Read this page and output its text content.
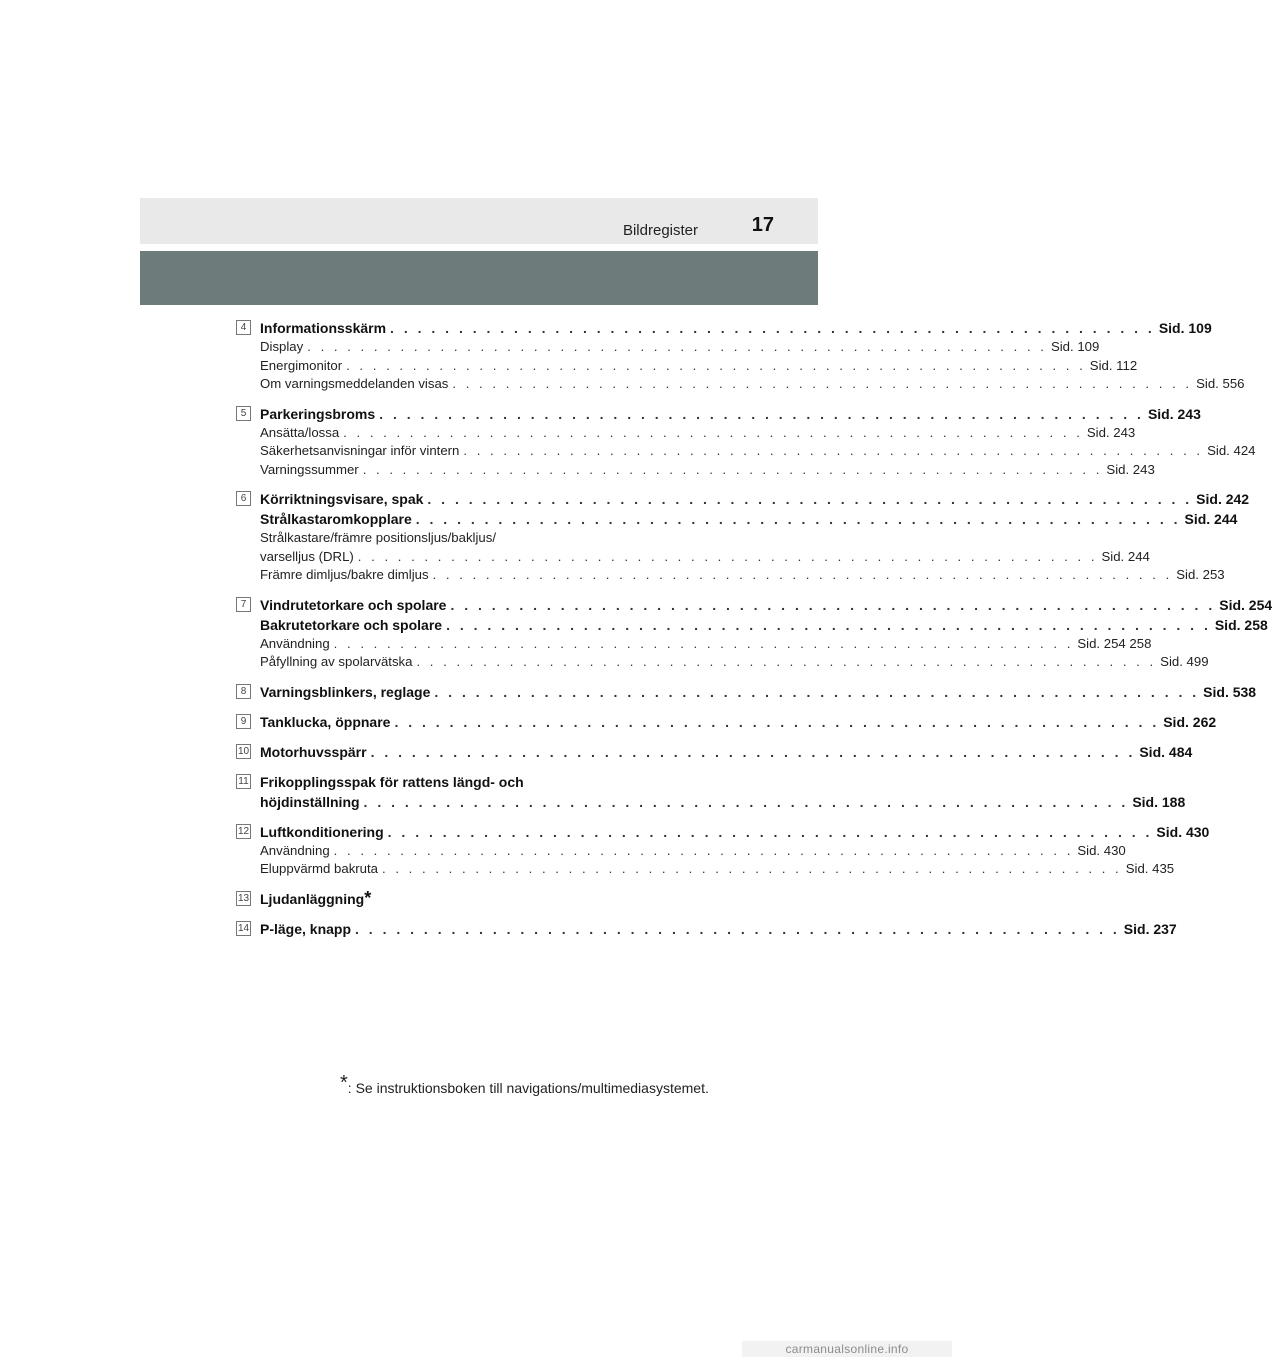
Bildregister	17
4 Informationsskärm . . . . . . . . . . . . . . . . . . . . . . . . . . . . . . . . . . . . . . . . . . . . . . . . . . . . . . . . Sid. 109
Display . . . . . . . . . . . . . . . . . . . . . . . . . . . . . . . . . . . . . . . . . . . . . . . . . . . . . . . . Sid. 109
Energimonitor . . . . . . . . . . . . . . . . . . . . . . . . . . . . . . . . . . . . . . . . . . . . . . . . . . . . . . . . Sid. 112
Om varningsmeddelanden visas . . . . . . . . . . . . . . . . . . . . . . . . . . . . . . . . . . . . . . . . . . . . . . . . . . . . . . . . Sid. 556
5 Parkeringsbroms . . . . . . . . . . . . . . . . . . . . . . . . . . . . . . . . . . . . . . . . . . . . . . . . . . . . . . . . Sid. 243
Ansätta/lossa . . . . . . . . . . . . . . . . . . . . . . . . . . . . . . . . . . . . . . . . . . . . . . . . . . . . . . . . Sid. 243
Säkerhetsanvisningar inför vintern . . . . . . . . . . . . . . . . . . . . . . . . . . . . . . . . . . . . . . . . . . . . . . . . . . . . . . . . Sid. 424
Varningssummer . . . . . . . . . . . . . . . . . . . . . . . . . . . . . . . . . . . . . . . . . . . . . . . . . . . . . . . . Sid. 243
6 Körriktningsvisare, spak . . . . . . . . . . . . . . . . . . . . . . . . . . . . . . . . . . . . . . . . . . . . . . . . . . . . . . . . Sid. 242
Strålkastaromkopplare . . . . . . . . . . . . . . . . . . . . . . . . . . . . . . . . . . . . . . . . . . . . . . . . . . . . . . . . Sid. 244
Strålkastare/främre positionsljus/bakljus/
varselljus (DRL) . . . . . . . . . . . . . . . . . . . . . . . . . . . . . . . . . . . . . . . . . . . . . . . . . . . . . . . . Sid. 244
Främre dimljus/bakre dimljus . . . . . . . . . . . . . . . . . . . . . . . . . . . . . . . . . . . . . . . . . . . . . . . . . . . . . . . . Sid. 253
7 Vindrutetorkare och spolare . . . . . . . . . . . . . . . . . . . . . . . . . . . . . . . . . . . . . . . . . . . . . . . . . . . . . . . . Sid. 254
Bakrutetorkare och spolare . . . . . . . . . . . . . . . . . . . . . . . . . . . . . . . . . . . . . . . . . . . . . . . . . . . . . . . . Sid. 258
Användning . . . . . . . . . . . . . . . . . . . . . . . . . . . . . . . . . . . . . . . . . . . . . . . . . . . . . . . . Sid. 254 258
Påfyllning av spolarvätska . . . . . . . . . . . . . . . . . . . . . . . . . . . . . . . . . . . . . . . . . . . . . . . . . . . . . . . . Sid. 499
8 Varningsblinkers, reglage . . . . . . . . . . . . . . . . . . . . . . . . . . . . . . . . . . . . . . . . . . . . . . . . . . . . . . . . Sid. 538
9 Tanklucka, öppnare . . . . . . . . . . . . . . . . . . . . . . . . . . . . . . . . . . . . . . . . . . . . . . . . . . . . . . . . Sid. 262
10 Motorhuvsspärr . . . . . . . . . . . . . . . . . . . . . . . . . . . . . . . . . . . . . . . . . . . . . . . . . . . . . . . . Sid. 484
11 Frikopplingsspak för rattens längd- och
höjdinställning . . . . . . . . . . . . . . . . . . . . . . . . . . . . . . . . . . . . . . . . . . . . . . . . . . . . . . . . Sid. 188
12 Luftkonditionering . . . . . . . . . . . . . . . . . . . . . . . . . . . . . . . . . . . . . . . . . . . . . . . . . . . . . . . . Sid. 430
Användning . . . . . . . . . . . . . . . . . . . . . . . . . . . . . . . . . . . . . . . . . . . . . . . . . . . . . . . . Sid. 430
Eluppvärmd bakruta . . . . . . . . . . . . . . . . . . . . . . . . . . . . . . . . . . . . . . . . . . . . . . . . . . . . . . . . Sid. 435
13 Ljudanläggning *
14 P-läge, knapp . . . . . . . . . . . . . . . . . . . . . . . . . . . . . . . . . . . . . . . . . . . . . . . . . . . . . . . . Sid. 237
*: Se instruktionsboken till navigations/multimediasystemet.
carmanualsonline.info
